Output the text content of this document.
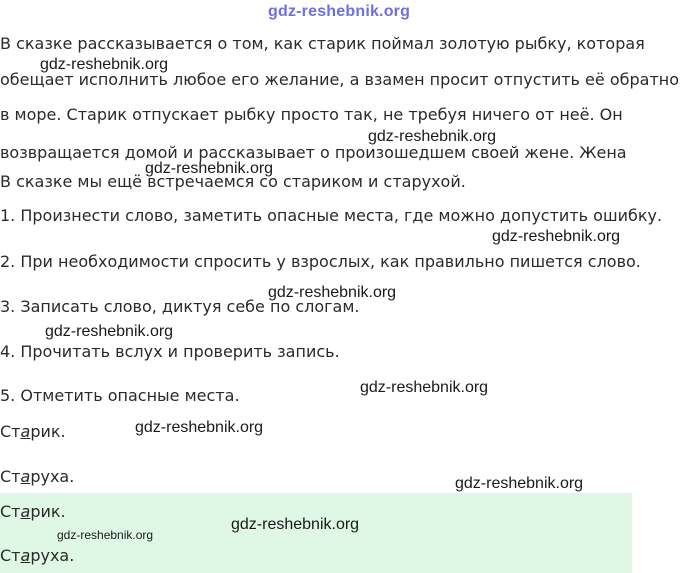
gdz-reshebnik.org
В сказке рассказывается о том, как старик поймал золотую рыбку, которая
обещает исполнить любое его желание, а взамен просит отпустить её обратно
в море. Старик отпускает рыбку просто так, не требуя ничего от неё. Он
возвращается домой и рассказывает о произошедшем своей жене. Жена
В сказке мы ещё встречаемся со стариком и старухой.
1. Произнести слово, заметить опасные места, где можно допустить ошибку.
2. При необходимости спросить у взрослых, как правильно пишется слово.
3. Записать слово, диктуя себе по слогам.
4. Прочитать вслух и проверить запись.
5. Отметить опасные места.
Старик.
Старуха.
Старик.
Старуха.
gdz-reshebnik.org
gdz-reshebnik.org
gdz-reshebnik.org
gdz-reshebnik.org
gdz-reshebnik.org
gdz-reshebnik.org
gdz-reshebnik.org
gdz-reshebnik.org
gdz-reshebnik.org
gdz-reshebnik.org
gdz-reshebnik.org
